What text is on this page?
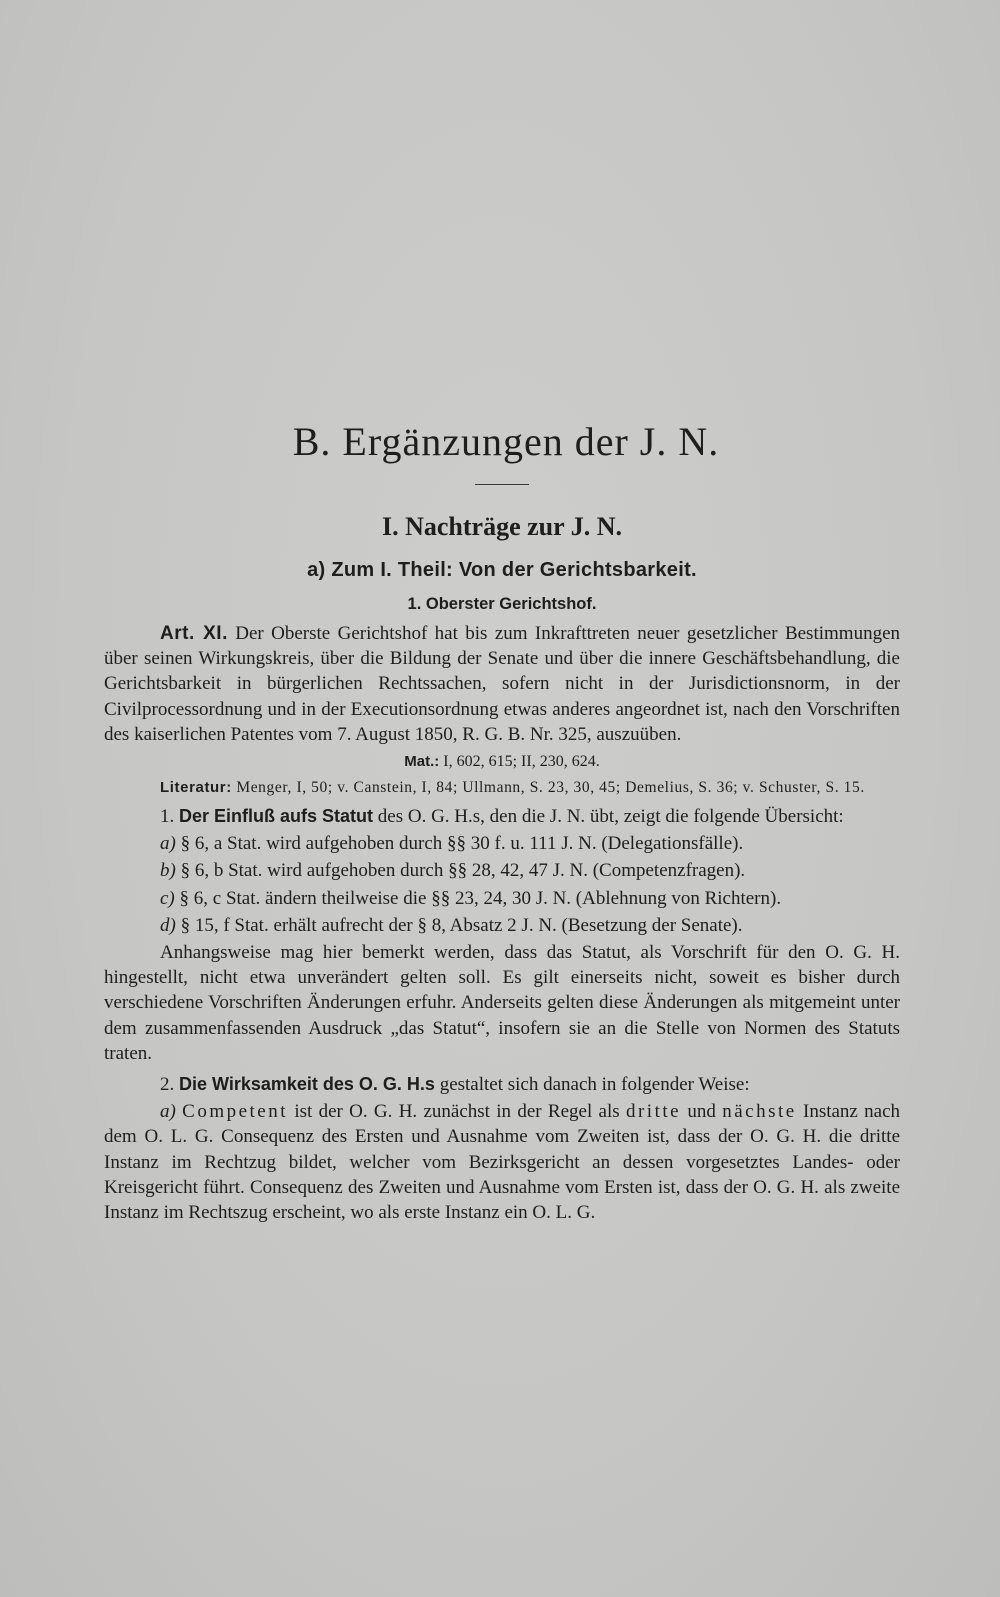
B. Ergänzungen der J. N.
I. Nachträge zur J. N.
a) Zum I. Theil: Von der Gerichtsbarkeit.
1. Oberster Gerichtshof.

Art. XI. Der Oberste Gerichtshof hat bis zum Inkrafttreten neuer gesetzlicher Bestimmungen über seinen Wirkungskreis, über die Bildung der Senate und über die innere Geschäftsbehandlung, die Gerichtsbarkeit in bürgerlichen Rechtssachen, sofern nicht in der Jurisdictionsnorm, in der Civilprocessordnung und in der Executionsordnung etwas anderes angeordnet ist, nach den Vorschriften des kaiserlichen Patentes vom 7. August 1850, R. G. B. Nr. 325, auszuüben.

Mat.: I, 602, 615; II, 230, 624.

Literatur: Menger, I, 50; v. Canstein, I, 84; Ullmann, S. 23, 30, 45; Demelius, S. 36; v. Schuster, S. 15.

1. Der Einfluß aufs Statut des O. G. H.s, den die J. N. übt, zeigt die folgende Übersicht:

a) § 6, a Stat. wird aufgehoben durch §§ 30 f. u. 111 J. N. (Delegationsfälle).

b) § 6, b Stat. wird aufgehoben durch §§ 28, 42, 47 J. N. (Competenzfragen).

c) § 6, c Stat. ändern theilweise die §§ 23, 24, 30 J. N. (Ablehnung von Richtern).

d) § 15, f Stat. erhält aufrecht der § 8, Absatz 2 J. N. (Besetzung der Senate).

Anhangsweise mag hier bemerkt werden, dass das Statut, als Vorschrift für den O. G. H. hingestellt, nicht etwa unverändert gelten soll. Es gilt einerseits nicht, soweit es bisher durch verschiedene Vorschriften Änderungen erfuhr. Anderseits gelten diese Änderungen als mitgemeint unter dem zusammenfassenden Ausdruck „das Statut“, insofern sie an die Stelle von Normen des Statuts traten.

2. Die Wirksamkeit des O. G. H.s gestaltet sich danach in folgender Weise:

a) Competent ist der O. G. H. zunächst in der Regel als dritte und nächste Instanz nach dem O. L. G. Consequenz des Ersten und Ausnahme vom Zweiten ist, dass der O. G. H. die dritte Instanz im Rechtzug bildet, welcher vom Bezirksgericht an dessen vorgesetztes Landes- oder Kreisgericht führt. Consequenz des Zweiten und Ausnahme vom Ersten ist, dass der O. G. H. als zweite Instanz im Rechtszug erscheint, wo als erste Instanz ein O. L. G.
